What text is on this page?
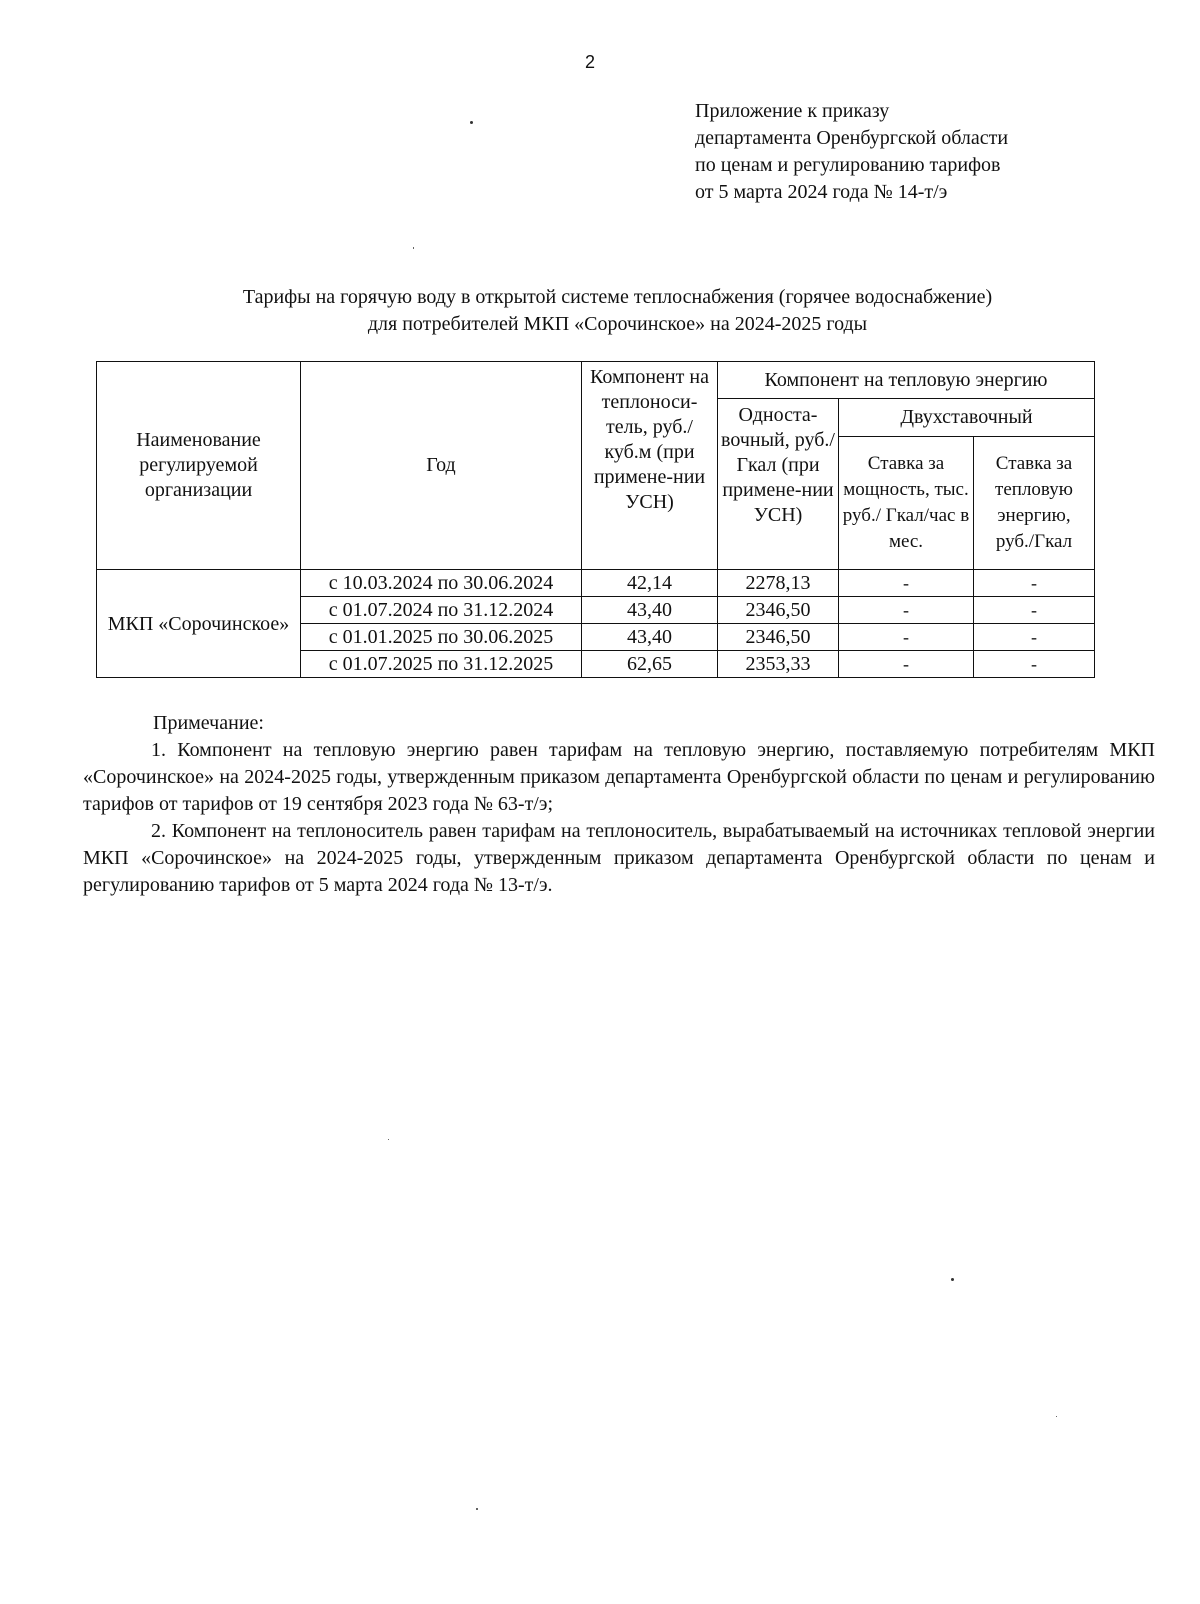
2
Приложение к приказу
департамента Оренбургской области
по ценам и регулированию тарифов
от 5 марта 2024 года № 14-т/э
Тарифы на горячую воду в открытой системе теплоснабжения (горячее водоснабжение)
для потребителей МКП «Сорочинское» на 2024-2025 годы
Наименование регулируемой организации	Год	Компонент на теплоноси-тель, руб./куб.м (при примене-нии УСН)	Компонент на тепловую энергию		
			Односта-вочный, руб./Гкал (при примене-нии УСН)	Двухставочный	
				Ставка за мощность, тыс. руб./ Гкал/час в мес.	Ставка за тепловую энергию, руб./Гкал
МКП «Сорочинское»	с 10.03.2024 по 30.06.2024	42,14	2278,13	-	-
	с 01.07.2024 по 31.12.2024	43,40	2346,50	-	-
	с 01.01.2025 по 30.06.2025	43,40	2346,50	-	-
	с 01.07.2025 по 31.12.2025	62,65	2353,33	-	-

Примечание:

1. Компонент на тепловую энергию равен тарифам на тепловую энергию, поставляемую потребителям МКП «Сорочинское» на 2024-2025 годы, утвержденным приказом департамента Оренбургской области по ценам и регулированию тарифов от тарифов от 19 сентября 2023 года № 63-т/э;

2. Компонент на теплоноситель равен тарифам на теплоноситель, вырабатываемый на источниках тепловой энергии МКП «Сорочинское» на 2024-2025 годы, утвержденным приказом департамента Оренбургской области по ценам и регулированию тарифов от 5 марта 2024 года № 13-т/э.
